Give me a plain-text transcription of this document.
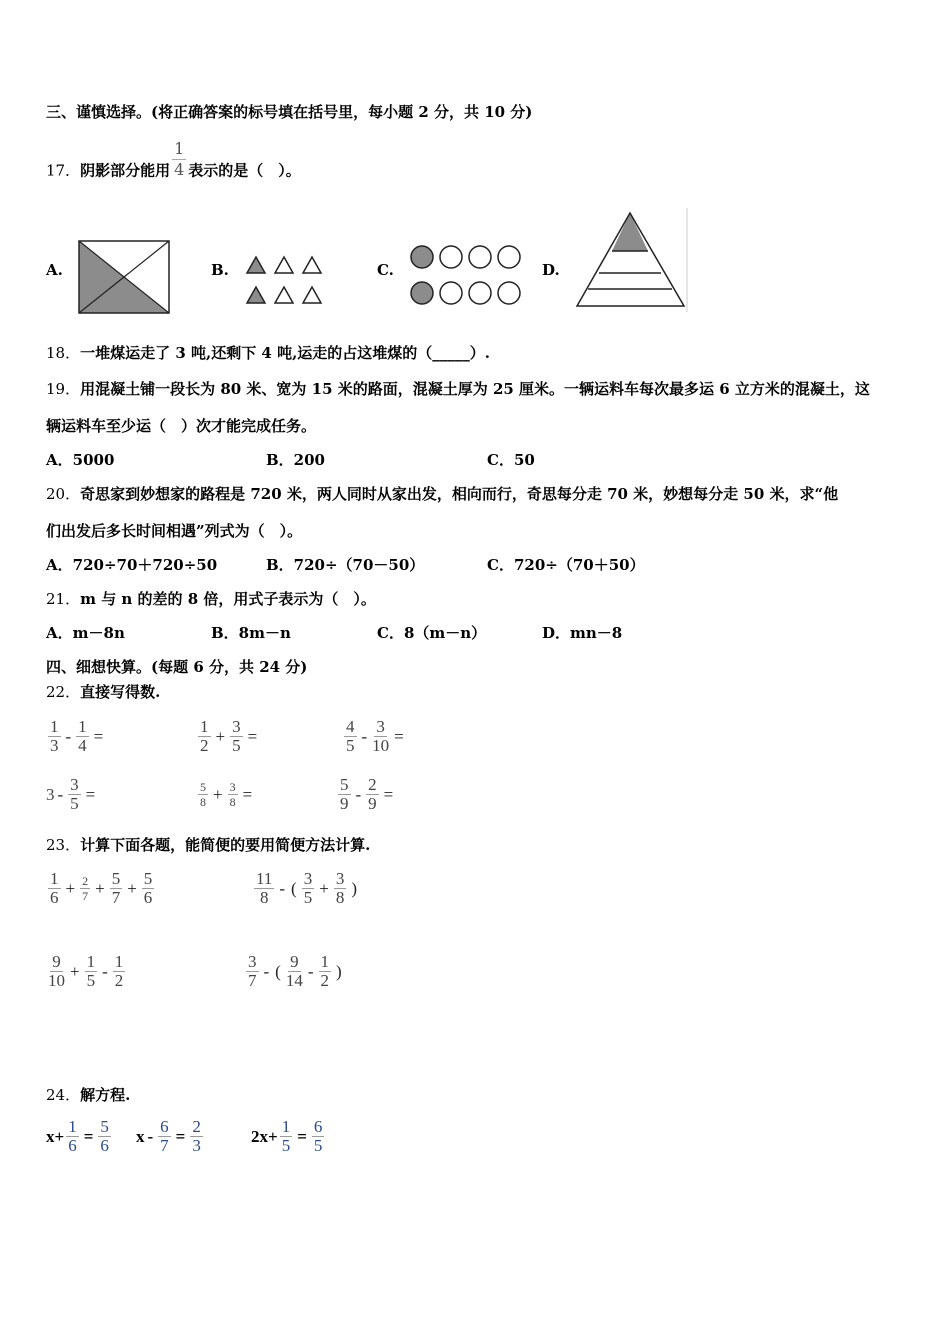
三、谨慎选择。(将正确答案的标号填在括号里，每小题 2 分，共 10 分)
17．阴影部分能用 $\frac{1}{4}$ 表示的是（　）。
A.	B.	C.	D.
18．一堆煤运走了 3 吨,还剩下 4 吨,运走的占这堆煤的（_____）.
19．用混凝土铺一段长为 80 米、宽为 15 米的路面，混凝土厚为 25 厘米。一辆运料车每次最多运 6 立方米的混凝土，这
辆运料车至少运（　）次才能完成任务。
A．5000	B．200	C．50
20．奇思家到妙想家的路程是 720 米，两人同时从家出发，相向而行，奇思每分走 70 米，妙想每分走 50 米，求“他
们出发后多长时间相遇”列式为（　）。
A．720÷70＋720÷50	B．720÷（70－50）	C．720÷（70＋50）
21．m 与 n 的差的 8 倍，用式子表示为（　）。
A．m－8n	B．8m－n	C．8（m－n）	D．mn－8
四、细想快算。(每题 6 分，共 24 分)
22．直接写得数.
$\frac{1}{3} - \frac{1}{4}$ =	$\frac{1}{2} + \frac{3}{5}$ =	$\frac{4}{5} - \frac{3}{10}$ =
$3 - \frac{3}{5}$ =	$\frac{5}{8} + \frac{3}{8}$ =	$\frac{5}{9} - \frac{2}{9}$ =
23．计算下面各题，能简便的要用简便方法计算.
$\frac{1}{6} + \frac{2}{7} + \frac{5}{7} + \frac{5}{6}$	$\frac{11}{8}$ - ( $\frac{3}{5} + \frac{3}{8}$ )
$\frac{9}{10} + \frac{1}{5} - \frac{1}{2}$	$\frac{3}{7}$ - ( $\frac{9}{14} - \frac{1}{2}$ )
24．解方程.
$x+ \frac{1}{6} = \frac{5}{6}$ $x - \frac{6}{7} = \frac{2}{3}$	$2x+ \frac{1}{5} = \frac{6}{5}$
